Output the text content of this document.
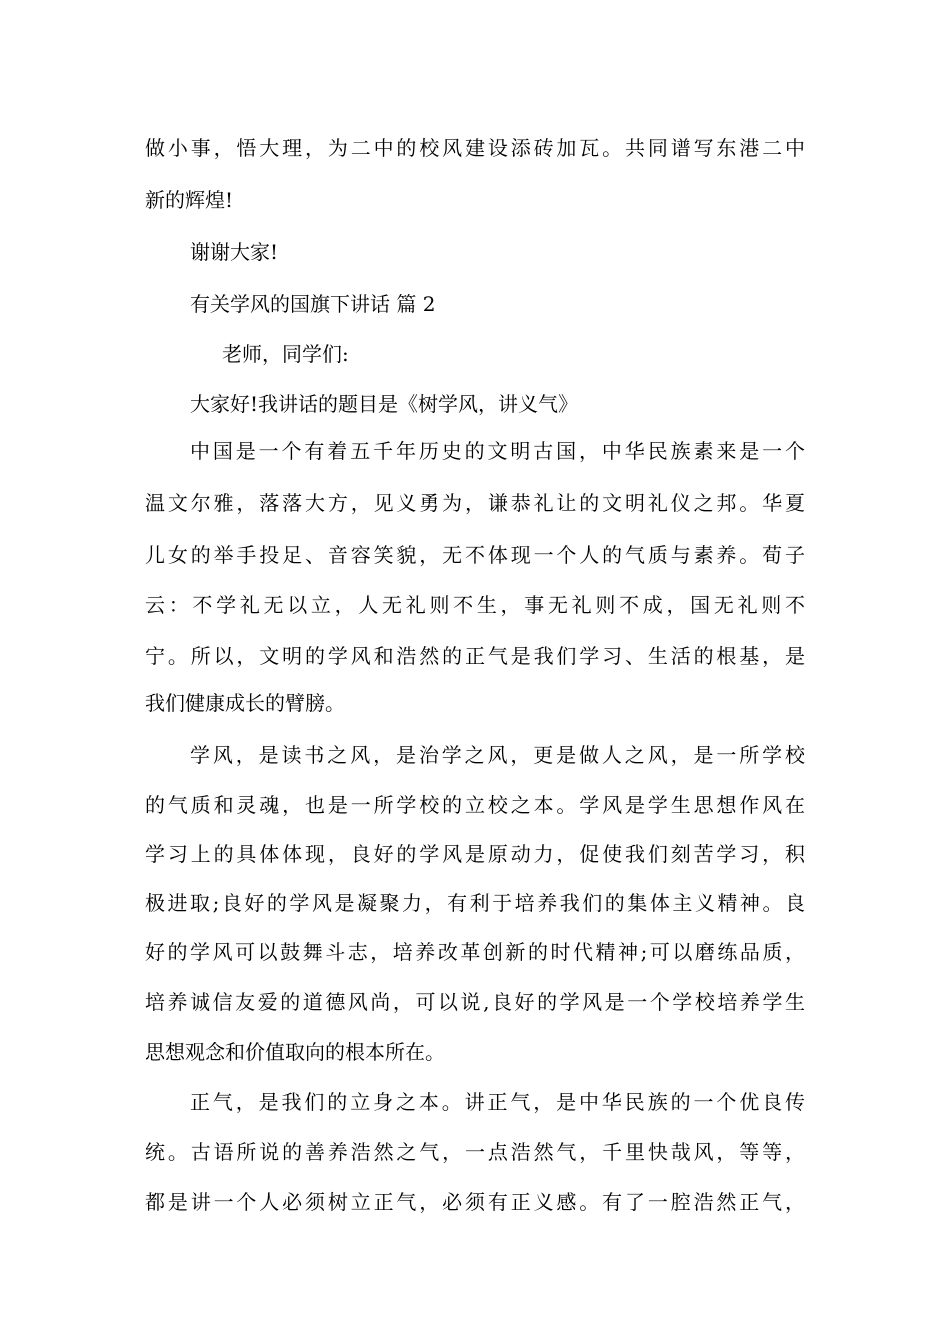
做小事，悟大理，为二中的校风建设添砖加瓦。共同谱写东港二中
新的辉煌!
谢谢大家!
有关学风的国旗下讲话 篇 2
老师，同学们:
大家好!我讲话的题目是《树学风，讲义气》
中国是一个有着五千年历史的文明古国，中华民族素来是一个
温文尔雅，落落大方，见义勇为，谦恭礼让的文明礼仪之邦。华夏
儿女的举手投足、音容笑貌，无不体现一个人的气质与素养。荀子
云：不学礼无以立，人无礼则不生，事无礼则不成，国无礼则不
宁。所以，文明的学风和浩然的正气是我们学习、生活的根基，是
我们健康成长的臂膀。
学风，是读书之风，是治学之风，更是做人之风，是一所学校
的气质和灵魂，也是一所学校的立校之本。学风是学生思想作风在
学习上的具体体现，良好的学风是原动力，促使我们刻苦学习，积
极进取;良好的学风是凝聚力，有利于培养我们的集体主义精神。良
好的学风可以鼓舞斗志，培养改革创新的时代精神;可以磨练品质，
培养诚信友爱的道德风尚，可以说,良好的学风是一个学校培养学生
思想观念和价值取向的根本所在。
正气，是我们的立身之本。讲正气，是中华民族的一个优良传
统。古语所说的善养浩然之气，一点浩然气，千里快哉风，等等，
都是讲一个人必须树立正气，必须有正义感。有了一腔浩然正气，
